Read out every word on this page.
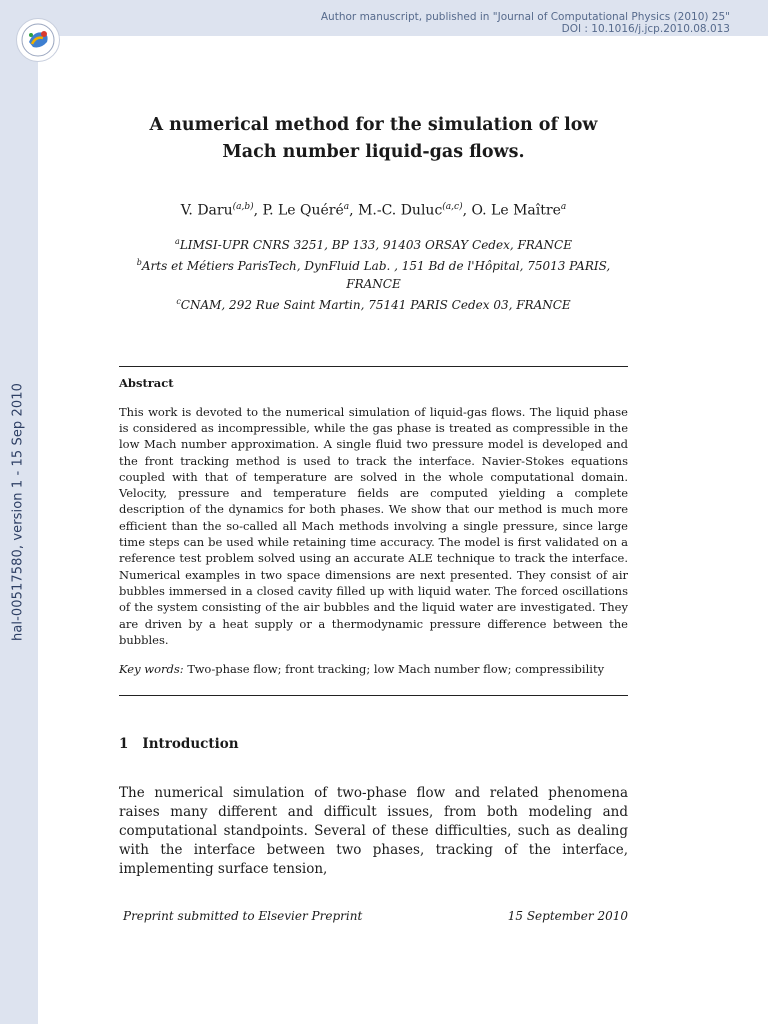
hal-00517580, version 1 - 15 Sep 2010
Author manuscript, published in "Journal of Computational Physics (2010) 25"
DOI : 10.1016/j.jcp.2010.08.013
A numerical method for the simulation of low
Mach number liquid-gas flows.
V. Daru$^{(a,b)}$, P. Le Quéré$^a$, M.-C. Duluc$^{(a,c)}$, O. Le Maître$^a$
$^a$LIMSI-UPR CNRS 3251, BP 133, 91403 ORSAY Cedex, FRANCE
$^b$Arts et Métiers ParisTech, DynFluid Lab. , 151 Bd de l'Hôpital, 75013 PARIS,
FRANCE
$^c$CNAM, 292 Rue Saint Martin, 75141 PARIS Cedex 03, FRANCE
Abstract

This work is devoted to the numerical simulation of liquid-gas flows. The liquid phase is considered as incompressible, while the gas phase is treated as compressible in the low Mach number approximation. A single fluid two pressure model is developed and the front tracking method is used to track the interface. Navier-Stokes equations coupled with that of temperature are solved in the whole computational domain. Velocity, pressure and temperature fields are computed yielding a complete description of the dynamics for both phases. We show that our method is much more efficient than the so-called all Mach methods involving a single pressure, since large time steps can be used while retaining time accuracy. The model is first validated on a reference test problem solved using an accurate ALE technique to track the interface. Numerical examples in two space dimensions are next presented. They consist of air bubbles immersed in a closed cavity filled up with liquid water. The forced oscillations of the system consisting of the air bubbles and the liquid water are investigated. They are driven by a heat supply or a thermodynamic pressure difference between the bubbles.

Key words: Two-phase flow; front tracking; low Mach number flow; compressibility
1 Introduction
The numerical simulation of two-phase flow and related phenomena raises many different and difficult issues, from both modeling and computational standpoints. Several of these difficulties, such as dealing with the interface between two phases, tracking of the interface, implementing surface tension,
Preprint submitted to Elsevier Preprint	15 September 2010
